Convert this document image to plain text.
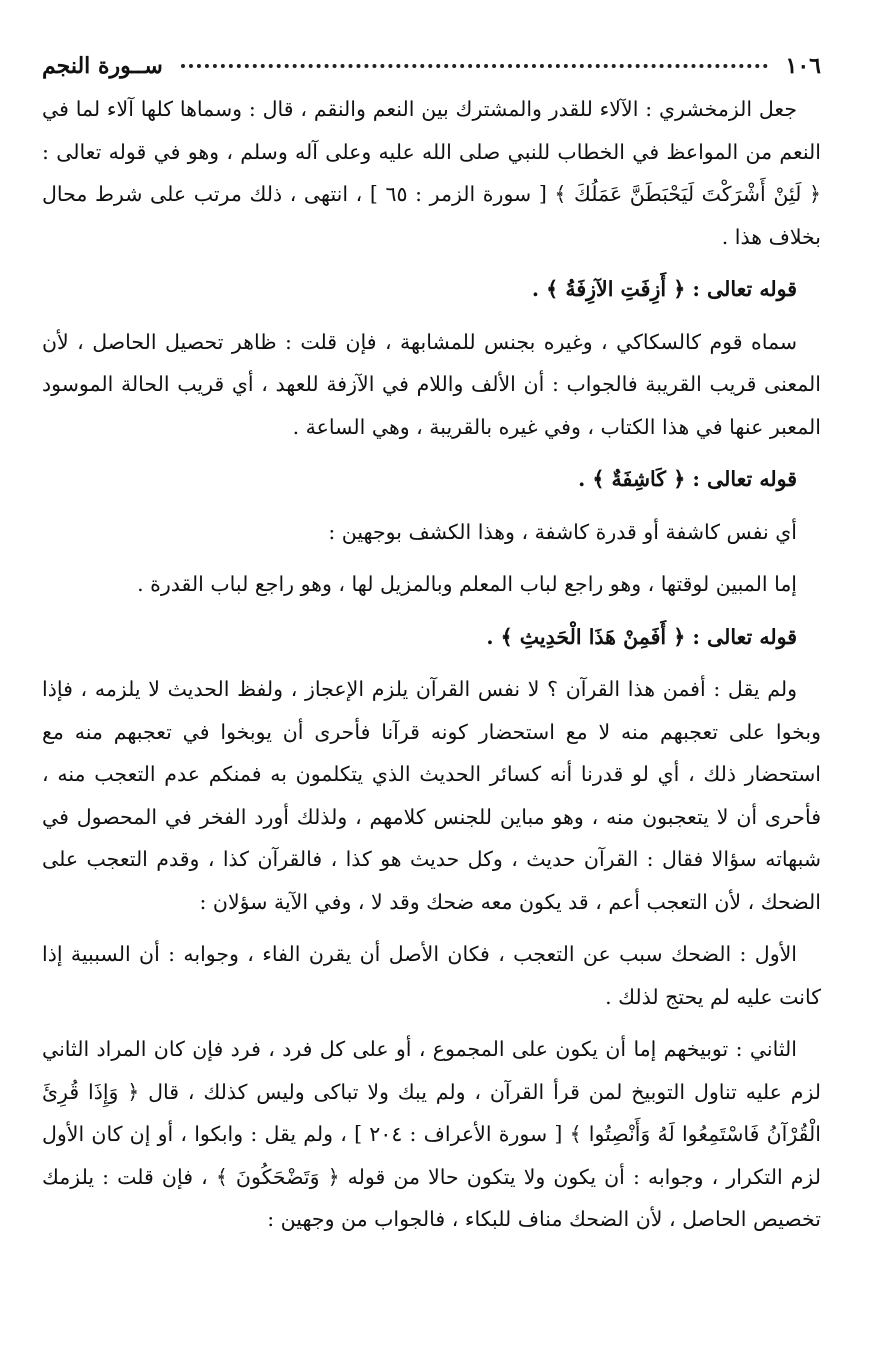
١٠٦
ســورة النجم

جعل الزمخشري : الآلاء للقدر والمشترك بين النعم والنقم ، قال : وسماها كلها آلاء لما في النعم من المواعظ في الخطاب للنبي صلى الله عليه وعلى آله وسلم ، وهو في قوله تعالى : ﴿ لَئِنْ أَشْرَكْتَ لَيَحْبَطَنَّ عَمَلُكَ ﴾ [ سورة الزمر : ٦٥ ] ، انتهى ، ذلك مرتب على شرط محال بخلاف هذا .

قوله تعالى : ﴿ أَزِفَتِ الآزِفَةُ ﴾ .

سماه قوم كالسكاكي ، وغيره بجنس للمشابهة ، فإن قلت : ظاهر تحصيل الحاصل ، لأن المعنى قريب القريبة فالجواب : أن الألف واللام في الآزفة للعهد ، أي قريب الحالة الموسود المعبر عنها في هذا الكتاب ، وفي غيره بالقريبة ، وهي الساعة .

قوله تعالى : ﴿ كَاشِفَةٌ ﴾ .

أي نفس كاشفة أو قدرة كاشفة ، وهذا الكشف بوجهين :

إما المبين لوقتها ، وهو راجع لباب المعلم وبالمزيل لها ، وهو راجع لباب القدرة .

قوله تعالى : ﴿ أَفَمِنْ هَذَا الْحَدِيثِ ﴾ .

ولم يقل : أفمن هذا القرآن ؟ لا نفس القرآن يلزم الإعجاز ، ولفظ الحديث لا يلزمه ، فإذا وبخوا على تعجبهم منه لا مع استحضار كونه قرآنا فأحرى أن يوبخوا في تعجبهم منه مع استحضار ذلك ، أي لو قدرنا أنه كسائر الحديث الذي يتكلمون به فمنكم عدم التعجب منه ، فأحرى أن لا يتعجبون منه ، وهو مباين للجنس كلامهم ، ولذلك أورد الفخر في المحصول في شبهاته سؤالا فقال : القرآن حديث ، وكل حديث هو كذا ، فالقرآن كذا ، وقدم التعجب على الضحك ، لأن التعجب أعم ، قد يكون معه ضحك وقد لا ، وفي الآية سؤلان :

الأول : الضحك سبب عن التعجب ، فكان الأصل أن يقرن الفاء ، وجوابه : أن السببية إذا كانت عليه لم يحتج لذلك .

الثاني : توبيخهم إما أن يكون على المجموع ، أو على كل فرد ، فرد فإن كان المراد الثاني لزم عليه تناول التوبيخ لمن قرأ القرآن ، ولم يبك ولا تباكى وليس كذلك ، قال ﴿ وَإِذَا قُرِئَ الْقُرْآنُ فَاسْتَمِعُوا لَهُ وَأَنْصِتُوا ﴾ [ سورة الأعراف : ٢٠٤ ] ، ولم يقل : وابكوا ، أو إن كان الأول لزم التكرار ، وجوابه : أن يكون ولا يتكون حالا من قوله ﴿ وَتَضْحَكُونَ ﴾ ، فإن قلت : يلزمك تخصيص الحاصل ، لأن الضحك مناف للبكاء ، فالجواب من وجهين :
